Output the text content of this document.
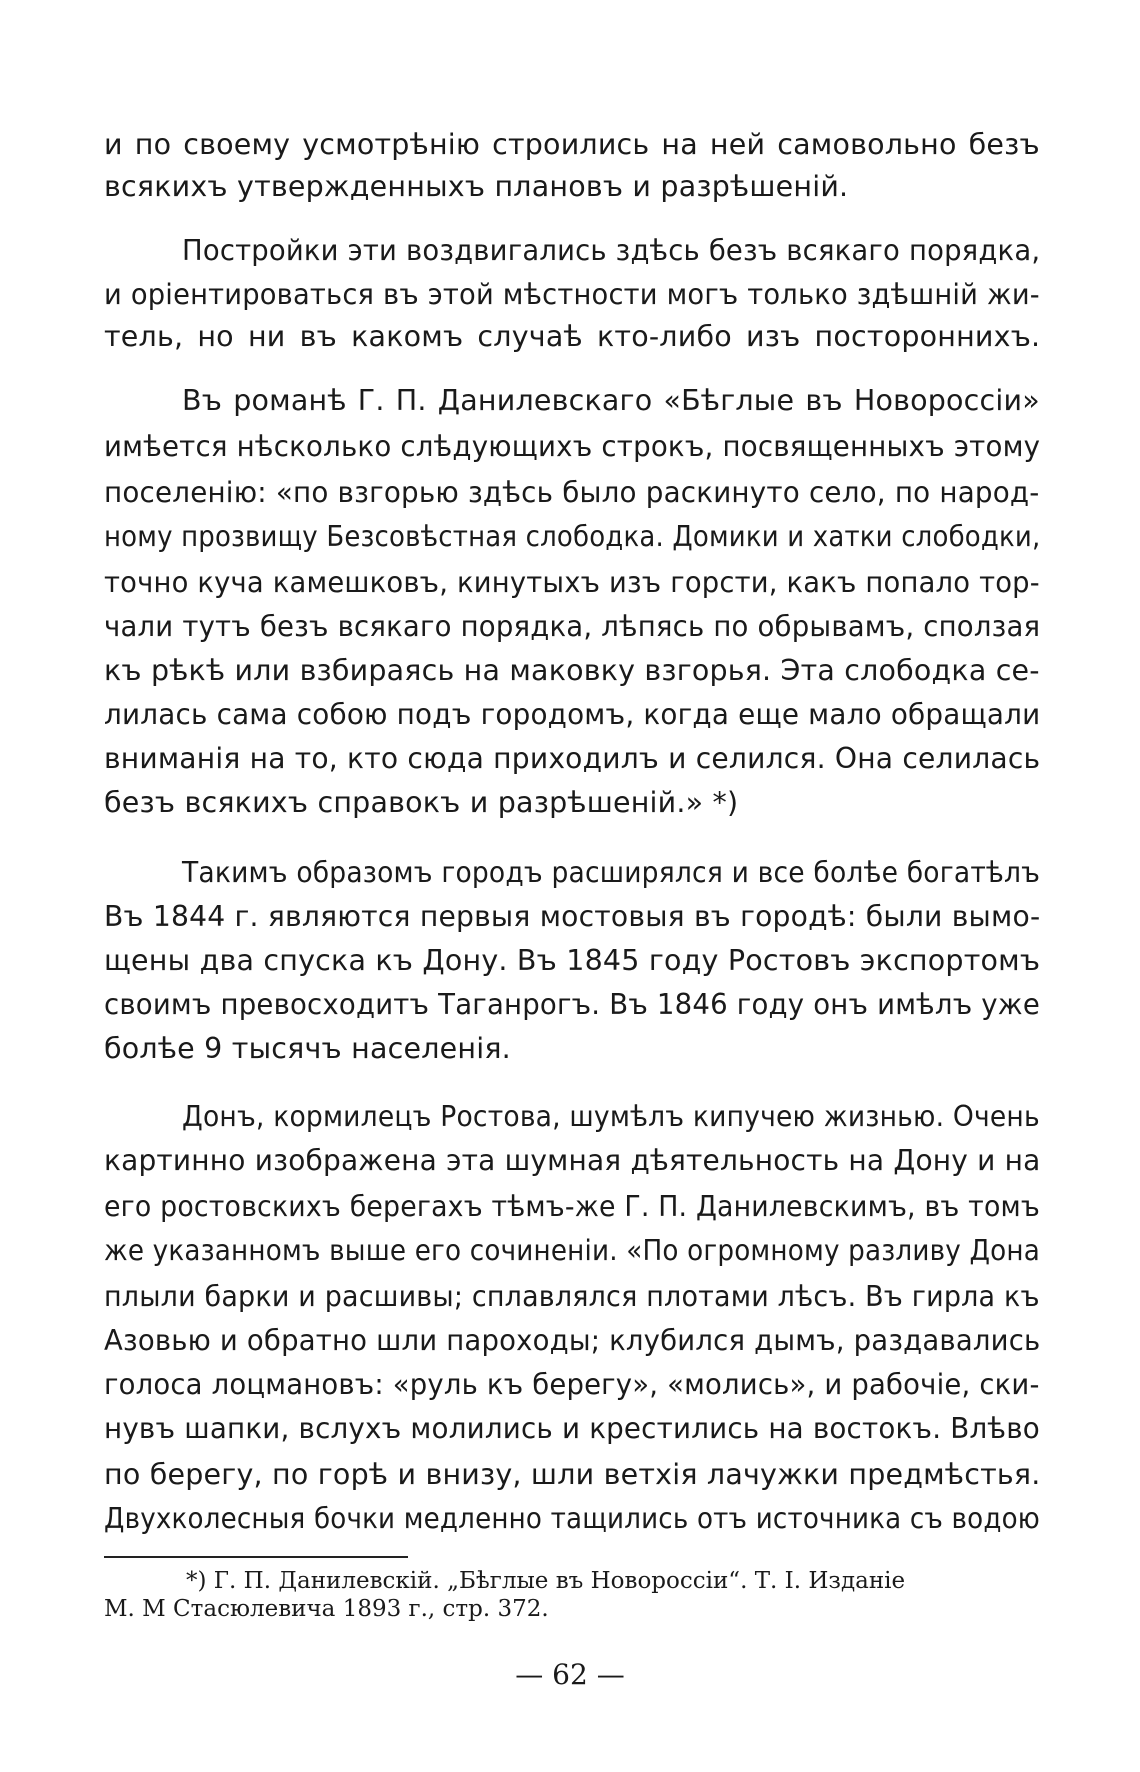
и по своему усмотрѣнію строились на ней самовольно безъ
всякихъ утвержденныхъ плановъ и разрѣшеній.
Постройки эти воздвигались здѣсь безъ всякаго порядка,
и оріентироваться въ этой мѣстности могъ только здѣшній жи-
тель, но ни въ какомъ случаѣ кто-либо изъ постороннихъ.
Въ романѣ Г. П. Данилевскаго «Бѣглые въ Новороссіи»
имѣется нѣсколько слѣдующихъ строкъ, посвященныхъ этому
поселенію: «по взгорью здѣсь было раскинуто село, по народ-
ному прозвищу Безсовѣстная слободка. Домики и хатки слободки,
точно куча камешковъ, кинутыхъ изъ горсти, какъ попало тор-
чали тутъ безъ всякаго порядка, лѣпясь по обрывамъ, сползая
къ рѣкѣ или взбираясь на маковку взгорья. Эта слободка се-
лилась сама собою подъ городомъ, когда еще мало обращали
вниманія на то, кто сюда приходилъ и селился. Она селилась
безъ всякихъ справокъ и разрѣшеній.» *)
Такимъ образомъ городъ расширялся и все болѣе богатѣлъ
Въ 1844 г. являются первыя мостовыя въ городѣ: были вымо-
щены два спуска къ Дону. Въ 1845 году Ростовъ экспортомъ
своимъ превосходитъ Таганрогъ. Въ 1846 году онъ имѣлъ уже
болѣе 9 тысячъ населенія.
Донъ, кормилецъ Ростова, шумѣлъ кипучею жизнью. Очень
картинно изображена эта шумная дѣятельность на Дону и на
его ростовскихъ берегахъ тѣмъ-же Г. П. Данилевскимъ, въ томъ
же указанномъ выше его сочиненіи. «По огромному разливу Дона
плыли барки и расшивы; сплавлялся плотами лѣсъ. Въ гирла къ
Азовью и обратно шли пароходы; клубился дымъ, раздавались
голоса лоцмановъ: «руль къ берегу», «молись», и рабочіе, ски-
нувъ шапки, вслухъ молились и крестились на востокъ. Влѣво
по берегу, по горѣ и внизу, шли ветхія лачужки предмѣстья.
Двухколесныя бочки медленно тащились отъ источника съ водою
*) Г. П. Данилевскій. „Бѣглые въ Новороссіи“. Т. I. Изданіе
М. М Стасюлевича 1893 г., стр. 372.
— 62 —
